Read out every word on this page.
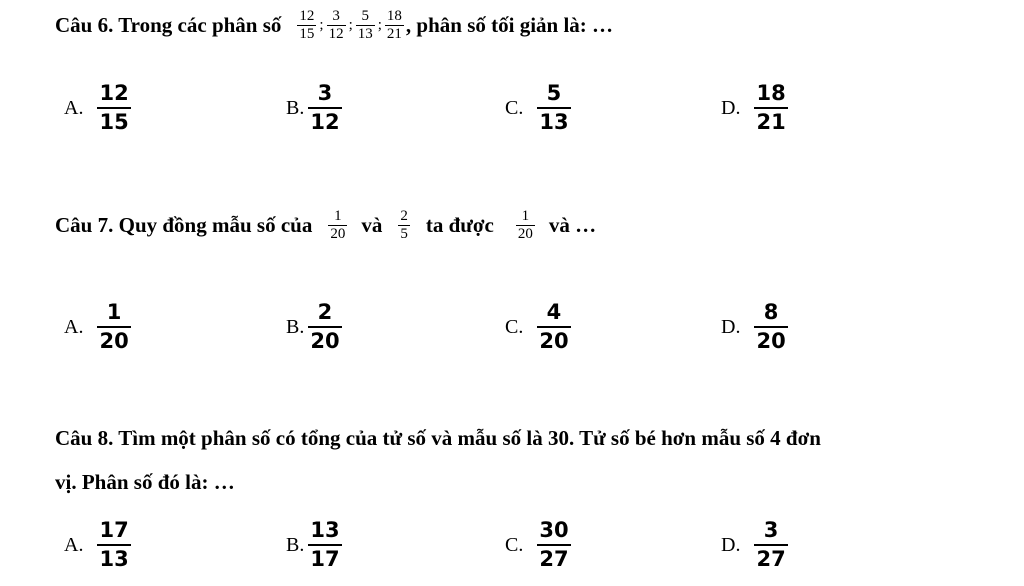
Câu 6. Trong các phân số $\frac{12}{15}$ ; $\frac{3}{12}$ ; $\frac{5}{13}$ ; $\frac{18}{21}$ , phân số tối giản là: …
A. $\frac{12}{15}$	B. $\frac{3}{12}$	C. $\frac{5}{13}$	D. $\frac{18}{21}$
Câu 7. Quy đồng mẫu số của $\frac{1}{20}$ và $\frac{2}{5}$ ta được $\frac{1}{20}$ và …
A. $\frac{1}{20}$	B. $\frac{2}{20}$	C. $\frac{4}{20}$	D. $\frac{8}{20}$
Câu 8. Tìm một phân số có tổng của tử số và mẫu số là 30. Tử số bé hơn mẫu số 4 đơn
vị. Phân số đó là: …
A. $\frac{17}{13}$	B. $\frac{13}{17}$	C. $\frac{30}{27}$	D. $\frac{3}{27}$
